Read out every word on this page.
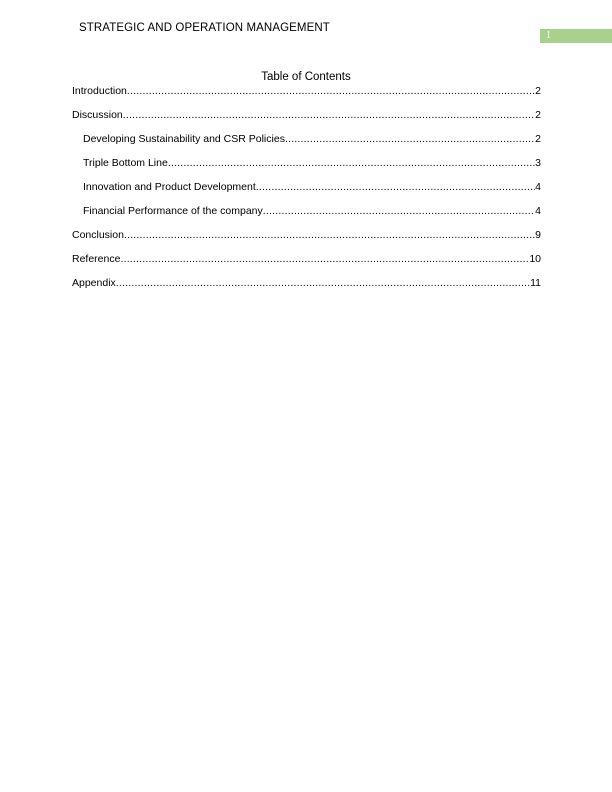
STRATEGIC AND OPERATION MANAGEMENT
1
Table of Contents
Introduction .....	2
Discussion .....	2
Developing Sustainability and CSR Policies .....	2
Triple Bottom Line .....	3
Innovation and Product Development .....	4
Financial Performance of the company .....	4
Conclusion .....	9
Reference .....	10
Appendix .....	11
